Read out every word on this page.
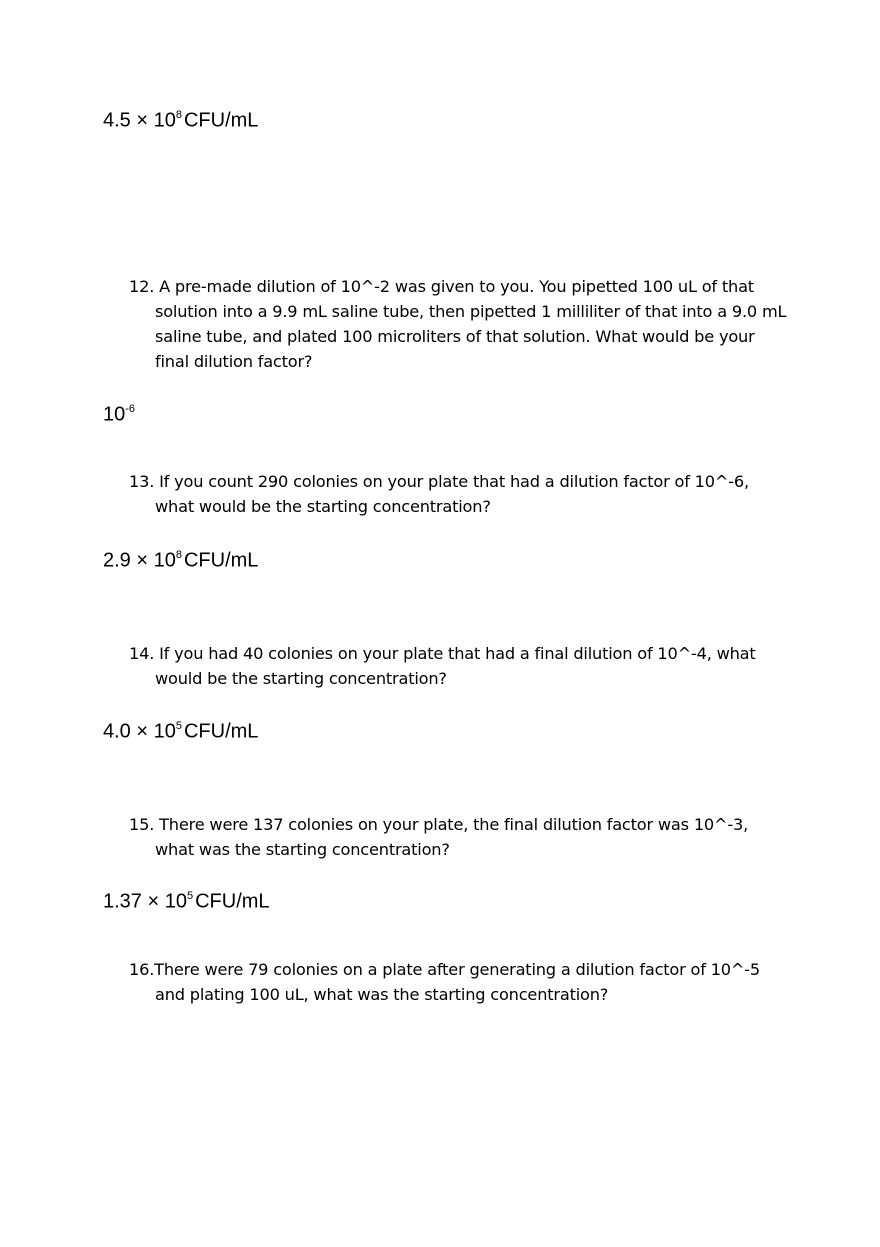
$4.5 \times 10^8$ CFU/mL

12. A pre-made dilution of 10^-2 was given to you. You pipetted 100 uL of that solution into a 9.9 mL saline tube, then pipetted 1 milliliter of that into a 9.0 mL saline tube, and plated 100 microliters of that solution. What would be your final dilution factor?

$10^{-6}$

13. If you count 290 colonies on your plate that had a dilution factor of 10^-6, what would be the starting concentration?

$2.9 \times 10^8$ CFU/mL

14. If you had 40 colonies on your plate that had a final dilution of 10^-4, what would be the starting concentration?

$4.0 \times 10^5$ CFU/mL

15. There were 137 colonies on your plate, the final dilution factor was 10^-3, what was the starting concentration?

$1.37 \times 10^5$ CFU/mL

16.There were 79 colonies on a plate after generating a dilution factor of 10^-5 and plating 100 uL, what was the starting concentration?
